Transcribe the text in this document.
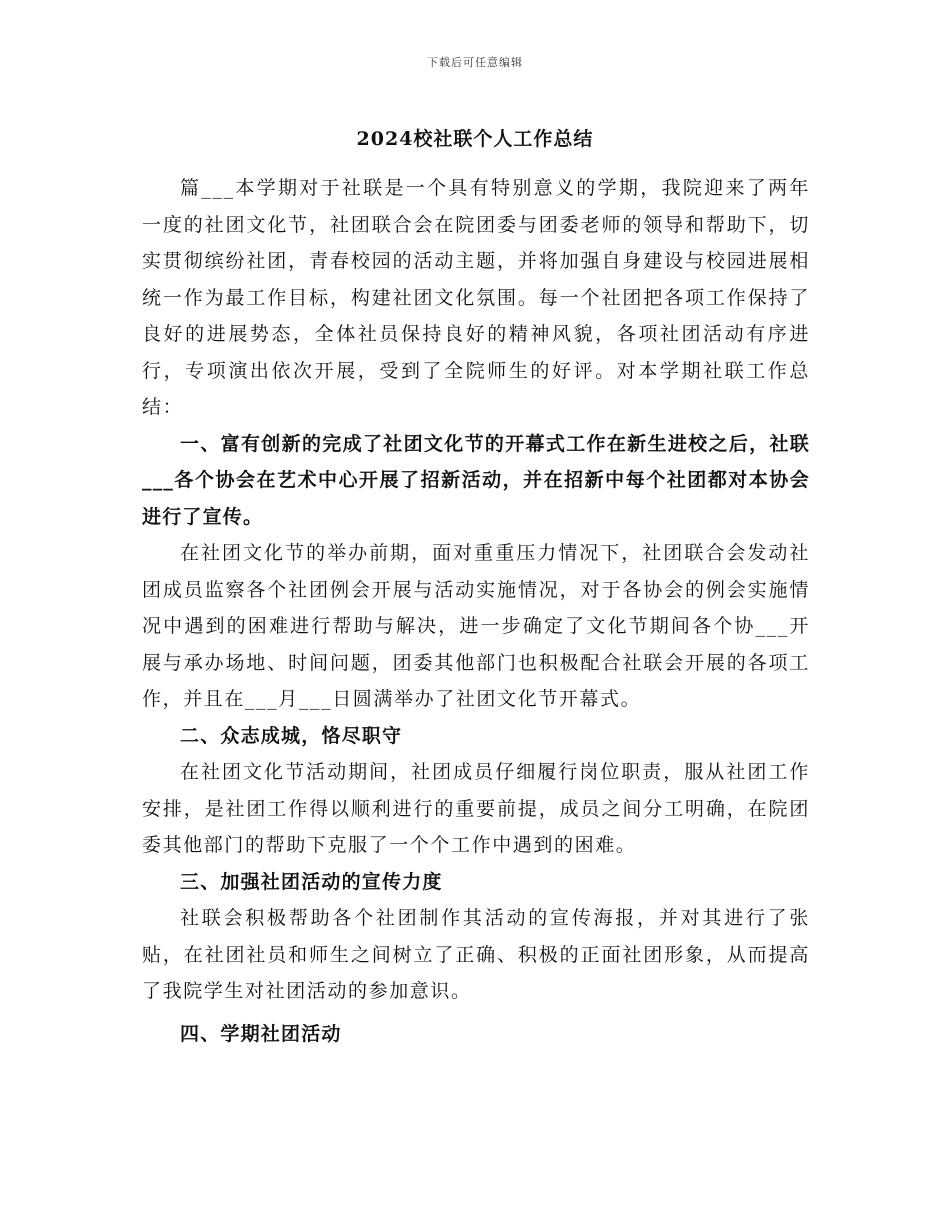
下载后可任意编辑
2024校社联个人工作总结

篇___本学期对于社联是一个具有特别意义的学期，我院迎来了两年一度的社团文化节，社团联合会在院团委与团委老师的领导和帮助下，切实贯彻缤纷社团，青春校园的活动主题，并将加强自身建设与校园进展相统一作为最工作目标，构建社团文化氛围。每一个社团把各项工作保持了良好的进展势态，全体社员保持良好的精神风貌，各项社团活动有序进行，专项演出依次开展，受到了全院师生的好评。对本学期社联工作总结：

一、富有创新的完成了社团文化节的开幕式工作在新生进校之后，社联___各个协会在艺术中心开展了招新活动，并在招新中每个社团都对本协会进行了宣传。

在社团文化节的举办前期，面对重重压力情况下，社团联合会发动社团成员监察各个社团例会开展与活动实施情况，对于各协会的例会实施情况中遇到的困难进行帮助与解决，进一步确定了文化节期间各个协___开展与承办场地、时间问题，团委其他部门也积极配合社联会开展的各项工作，并且在___月___日圆满举办了社团文化节开幕式。

二、众志成城，恪尽职守

在社团文化节活动期间，社团成员仔细履行岗位职责，服从社团工作安排，是社团工作得以顺利进行的重要前提，成员之间分工明确，在院团委其他部门的帮助下克服了一个个工作中遇到的困难。

三、加强社团活动的宣传力度

社联会积极帮助各个社团制作其活动的宣传海报，并对其进行了张贴，在社团社员和师生之间树立了正确、积极的正面社团形象，从而提高了我院学生对社团活动的参加意识。

四、学期社团活动
